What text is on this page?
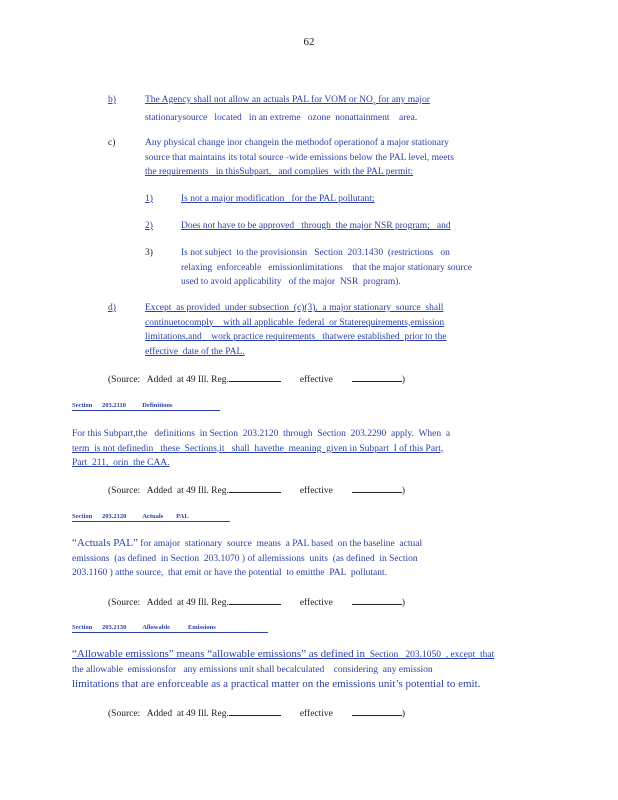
62
b)	The Agency shall not allow an actuals PAL for VOM or $NO_x$ for any major
stationarysource   located   in an extreme   ozone  nonattainment    area.
c)	Any physical change inor changein the methodof operationof a major stationary
source that maintains its total source -wide emissions below the PAL level, meets
the requirements   in thisSubpart,   and complies  with the PAL permit:
1)	Is not a major modification   for the PAL pollutant;
2)	Does not have to be approved   through  the major NSR program;   and
3)	Is not subject  to the provisionsin   Section  203.1430  (restrictions   on
relaxing  enforceable   emissionlimitations    that the major stationary source
used to avoid applicability   of the major  NSR  program).
d)	Except  as provided  under subsection  (c)(3),  a major stationary  source  shall
continuetocomply    with all applicable  federal  or Staterequirements,emission
limitations,and    work practice requirements   thatwere established  prior to the
effective  date of the PAL.
(Source:   Added  at 49 Ill. Reg.	effective	)
Section      203.2110          Definitions
For this Subpart,the   definitions  in Section  203.2120  through  Section  203.2290  apply.  When  a
term  is not definedin   these  Sections,it   shall  havethe  meaning  given in Subpart  I of this Part,
Part  211,  orin  the CAA.
(Source:   Added  at 49 Ill. Reg.	effective	)
Section      203.2120          Actuals        PAL
“Actuals PAL” for amajor  stationary  source  means  a PAL based  on the baseline  actual
emissions  (as defined  in Section  203.1070 ) of allemissions  units  (as defined  in Section
203.1160 ) atthe source,  that emit or have the potential  to emitthe  PAL  pollutant.
(Source:   Added  at 49 Ill. Reg.	effective	)
Section      203.2130          Allowable           Emissions
“Allowable emissions” means “allowable emissions” as defined in  Section   203.1050  , except  that
the allowable  emissionsfor   any emissions unit shall becalculated    considering  any emission
limitations that are enforceable as a practical matter on the emissions unit’s potential to emit.
(Source:   Added  at 49 Ill. Reg.	effective	)
